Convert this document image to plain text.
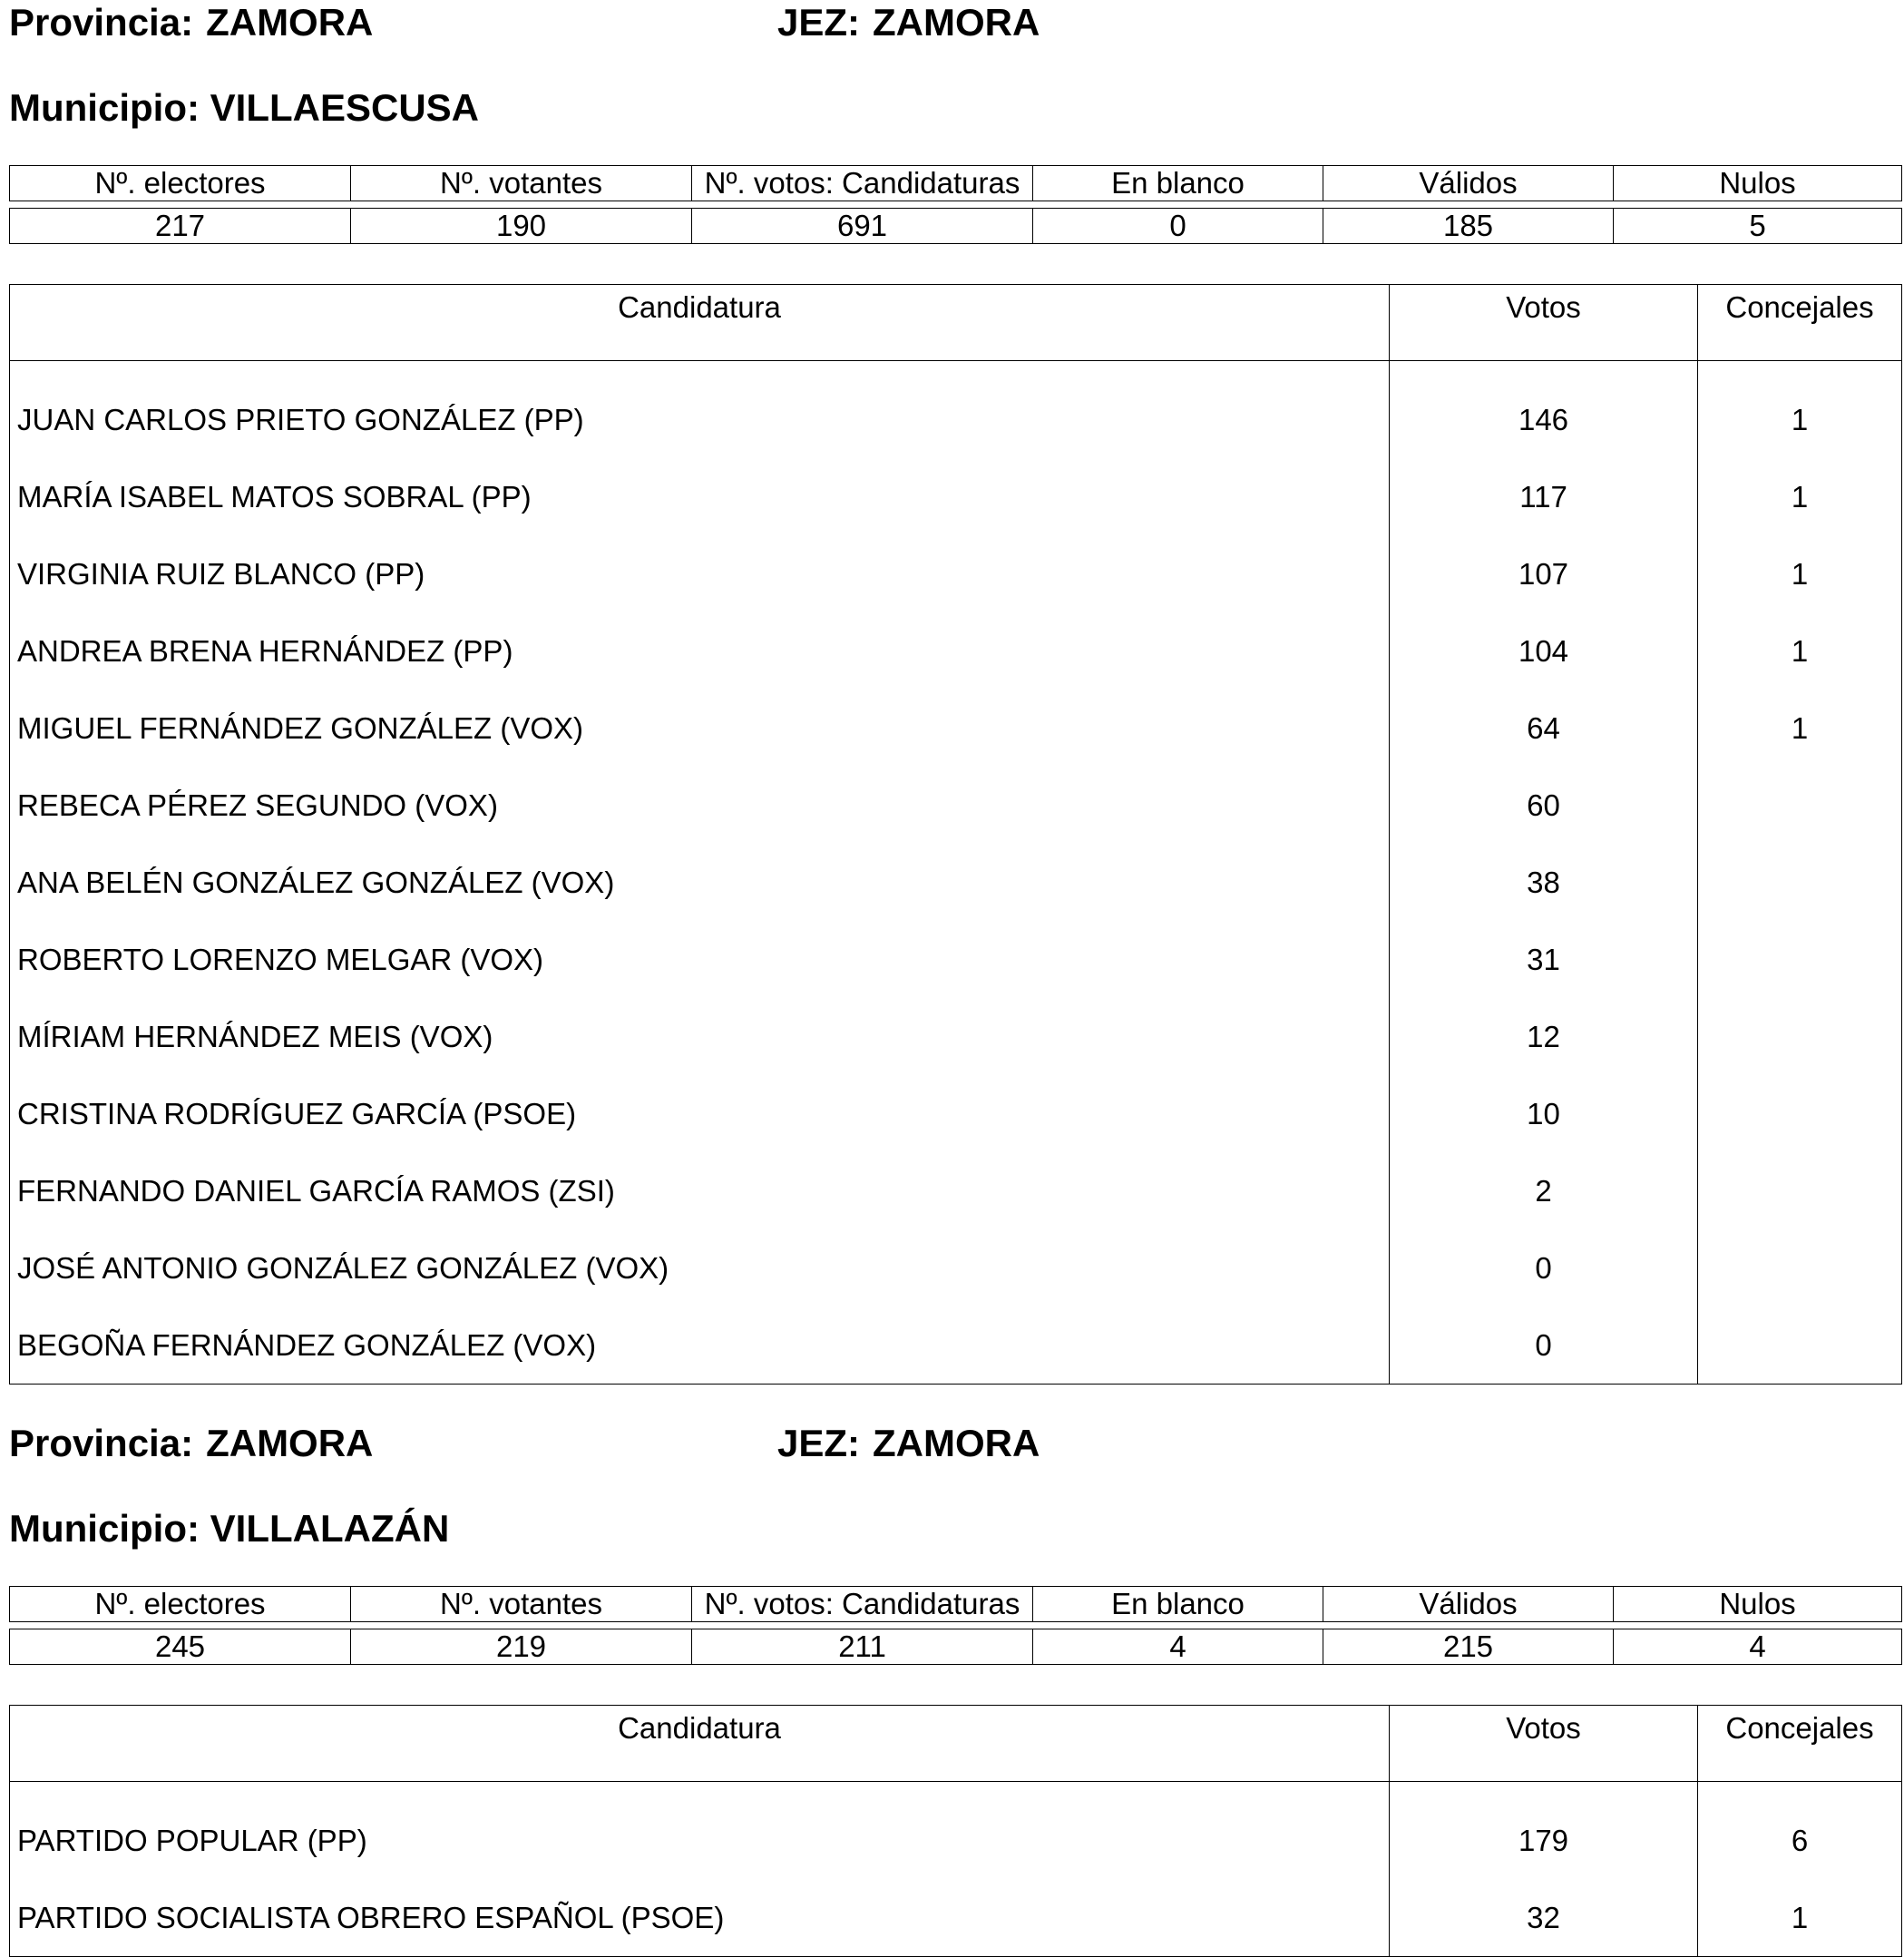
Provincia: ZAMORA	JEZ: ZAMORA
Municipio: VILLAESCUSA
Nº. electores	Nº. votantes	Nº. votos: Candidaturas	En blanco	Válidos	Nulos

217	190	691	0	185	5
Candidatura	Votos	Concejales
JUAN CARLOS PRIETO GONZÁLEZ (PP)	146	1
MARÍA ISABEL MATOS SOBRAL (PP)	117	1
VIRGINIA RUIZ BLANCO (PP)	107	1
ANDREA BRENA HERNÁNDEZ (PP)	104	1
MIGUEL FERNÁNDEZ GONZÁLEZ (VOX)	64	1
REBECA PÉREZ SEGUNDO (VOX)	60	
ANA BELÉN GONZÁLEZ GONZÁLEZ (VOX)	38	
ROBERTO LORENZO MELGAR (VOX)	31	
MÍRIAM HERNÁNDEZ MEIS (VOX)	12	
CRISTINA RODRÍGUEZ GARCÍA (PSOE)	10	
FERNANDO DANIEL GARCÍA RAMOS (ZSI)	2	
JOSÉ ANTONIO GONZÁLEZ GONZÁLEZ (VOX)	0	
BEGOÑA FERNÁNDEZ GONZÁLEZ (VOX)	0	
Provincia: ZAMORA	JEZ: ZAMORA
Municipio: VILLALAZÁN
Nº. electores	Nº. votantes	Nº. votos: Candidaturas	En blanco	Válidos	Nulos

245	219	211	4	215	4
Candidatura	Votos	Concejales
PARTIDO POPULAR (PP)	179	6
PARTIDO SOCIALISTA OBRERO ESPAÑOL (PSOE)	32	1
